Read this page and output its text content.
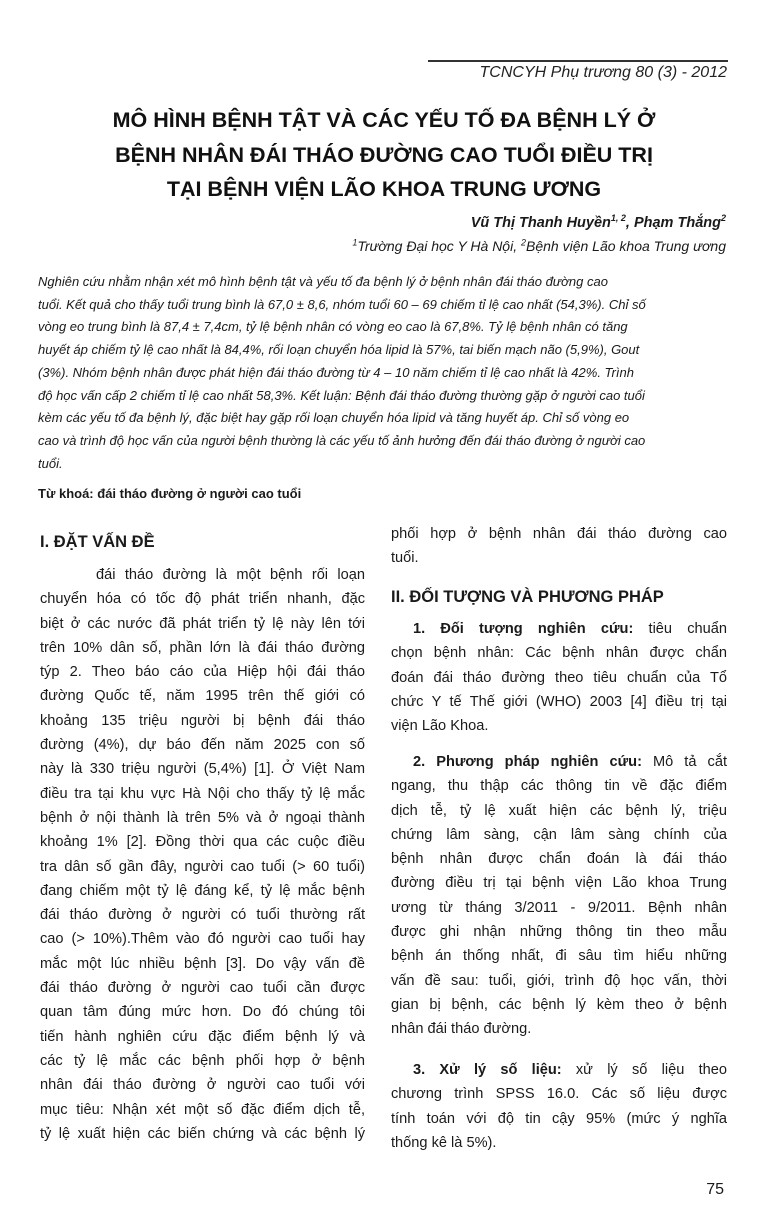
TCNCYH Phụ trương 80 (3) - 2012
MÔ HÌNH BỆNH TẬT VÀ CÁC YẾU TỐ ĐA BỆNH LÝ Ở
BỆNH NHÂN ĐÁI THÁO ĐƯỜNG CAO TUỔI ĐIỀU TRỊ
TẠI BỆNH VIỆN LÃO KHOA TRUNG ƯƠNG
Vũ Thị Thanh Huyền$^{1, 2}$, Phạm Thắng$^2$
$^1$Trường Đại học Y Hà Nội, $^2$Bệnh viện Lão khoa Trung ương
Nghiên cứu nhằm nhận xét mô hình bệnh tật và yếu tố đa bệnh lý ở bệnh nhân đái tháo đường cao
tuổi. Kết quả cho thấy tuổi trung bình là 67,0 ± 8,6, nhóm tuổi 60 – 69 chiếm tỉ lệ cao nhất (54,3%). Chỉ số
vòng eo trung bình là 87,4 ± 7,4cm, tỷ lệ bệnh nhân có vòng eo cao là 67,8%. Tỷ lệ bệnh nhân có tăng
huyết áp chiếm tỷ lệ cao nhất là 84,4%, rối loạn chuyển hóa lipid là 57%, tai biến mạch não (5,9%), Gout
(3%). Nhóm bệnh nhân được phát hiện đái tháo đường từ 4 – 10 năm chiếm tỉ lệ cao nhất là 42%. Trình
độ học vấn cấp 2 chiếm tỉ lệ cao nhất 58,3%. Kết luận: Bệnh đái tháo đường thường gặp ở người cao tuổi
kèm các yếu tố đa bệnh lý, đặc biệt hay gặp rối loạn chuyển hóa lipid và tăng huyết áp. Chỉ số vòng eo
cao và trình độ học vấn của người bệnh thường là các yếu tố ảnh hưởng đến đái tháo đường ở người cao
tuổi.
Từ khoá: đái tháo đường ở người cao tuổi
I. ĐẶT VẤN ĐỀ
đái tháo đường là một bệnh rối loạn
chuyển hóa có tốc độ phát triển nhanh, đặc
biệt ở các nước đã phát triển tỷ lệ này lên tới
trên 10% dân số, phần lớn là đái tháo đường
týp 2. Theo báo cáo của Hiệp hội đái tháo
đường Quốc tế, năm 1995 trên thế giới có
khoảng 135 triệu người bị bệnh đái tháo
đường (4%), dự báo đến năm 2025 con số
này là 330 triệu người (5,4%) [1]. Ở Việt Nam
điều tra tại khu vực Hà Nội cho thấy tỷ lệ mắc
bệnh ở nội thành là trên 5% và ở ngoại thành
khoảng 1% [2]. Đồng thời qua các cuộc điều
tra dân số gần đây, người cao tuổi (> 60 tuổi)
đang chiếm một tỷ lệ đáng kể, tỷ lệ mắc bệnh
đái tháo đường ở người có tuổi thường rất
cao (> 10%).Thêm vào đó người cao tuổi hay
mắc một lúc nhiều bệnh [3]. Do vậy vấn đề
đái tháo đường ở người cao tuổi cần được
quan tâm đúng mức hơn. Do đó chúng tôi
tiến hành nghiên cứu đặc điểm bệnh lý và
các tỷ lệ mắc các bệnh phối hợp ở bệnh
nhân đái tháo đường ở người cao tuổi với
mục tiêu: Nhận xét một số đặc điểm dịch tễ,
tỷ lệ xuất hiện các biến chứng và các bệnh lý
phối hợp ở bệnh nhân đái tháo đường cao
tuổi.
II. ĐỐI TƯỢNG VÀ PHƯƠNG PHÁP
1. Đối tượng nghiên cứu: tiêu chuẩn
chọn bệnh nhân: Các bệnh nhân được chẩn
đoán đái tháo đường theo tiêu chuẩn của Tổ
chức Y tế Thế giới (WHO) 2003 [4] điều trị tại
viện Lão Khoa.
2. Phương pháp nghiên cứu: Mô tả cắt
ngang, thu thập các thông tin về đặc điểm
dịch tễ, tỷ lệ xuất hiện các bệnh lý, triệu
chứng lâm sàng, cận lâm sàng chính của
bệnh nhân được chẩn đoán là đái tháo
đường điều trị tại bệnh viện Lão khoa Trung
ương từ tháng 3/2011 - 9/2011. Bệnh nhân
được ghi nhận những thông tin theo mẫu
bệnh án thống nhất, đi sâu tìm hiểu những
vấn đề sau: tuổi, giới, trình độ học vấn, thời
gian bị bệnh, các bệnh lý kèm theo ở bệnh
nhân đái tháo đường.
3. Xử lý số liệu: xử lý số liệu theo
chương trình SPSS 16.0. Các số liệu được
tính toán với độ tin cậy 95% (mức ý nghĩa
thống kê là 5%).
75
